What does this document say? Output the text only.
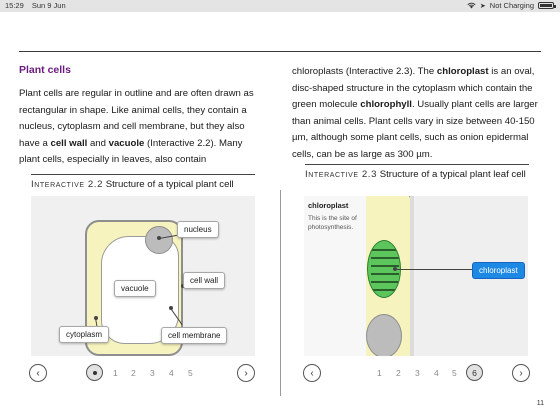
15:29 Sun 9 Jun	➤ Not Charging
Plant cells

Plant cells are regular in outline and are often drawn as rectangular in shape. Like animal cells, they contain a nucleus, cytoplasm and cell membrane, but they also have a cell wall and vacuole (Interactive 2.2). Many plant cells, especially in leaves, also contain

chloroplasts (Interactive 2.3). The chloroplast is an oval, disc-shaped structure in the cytoplasm which contain the green molecule chlorophyll. Usually plant cells are larger than animal cells. Plant cells vary in size between 40-150 µm, although some plant cells, such as onion epidermal cells, can be as large as 300 µm.

Interactive 2.2 Structure of a typical plant cell
nucleus
vacuole
cell wall
cytoplasm	cell membrane
‹	1 2 3 4 5	›
Interactive 2.3 Structure of a typical plant leaf cell
chloroplast
This is the site of photosynthesis.
chloroplast
‹	1 2 3 4 5	6	›
11
